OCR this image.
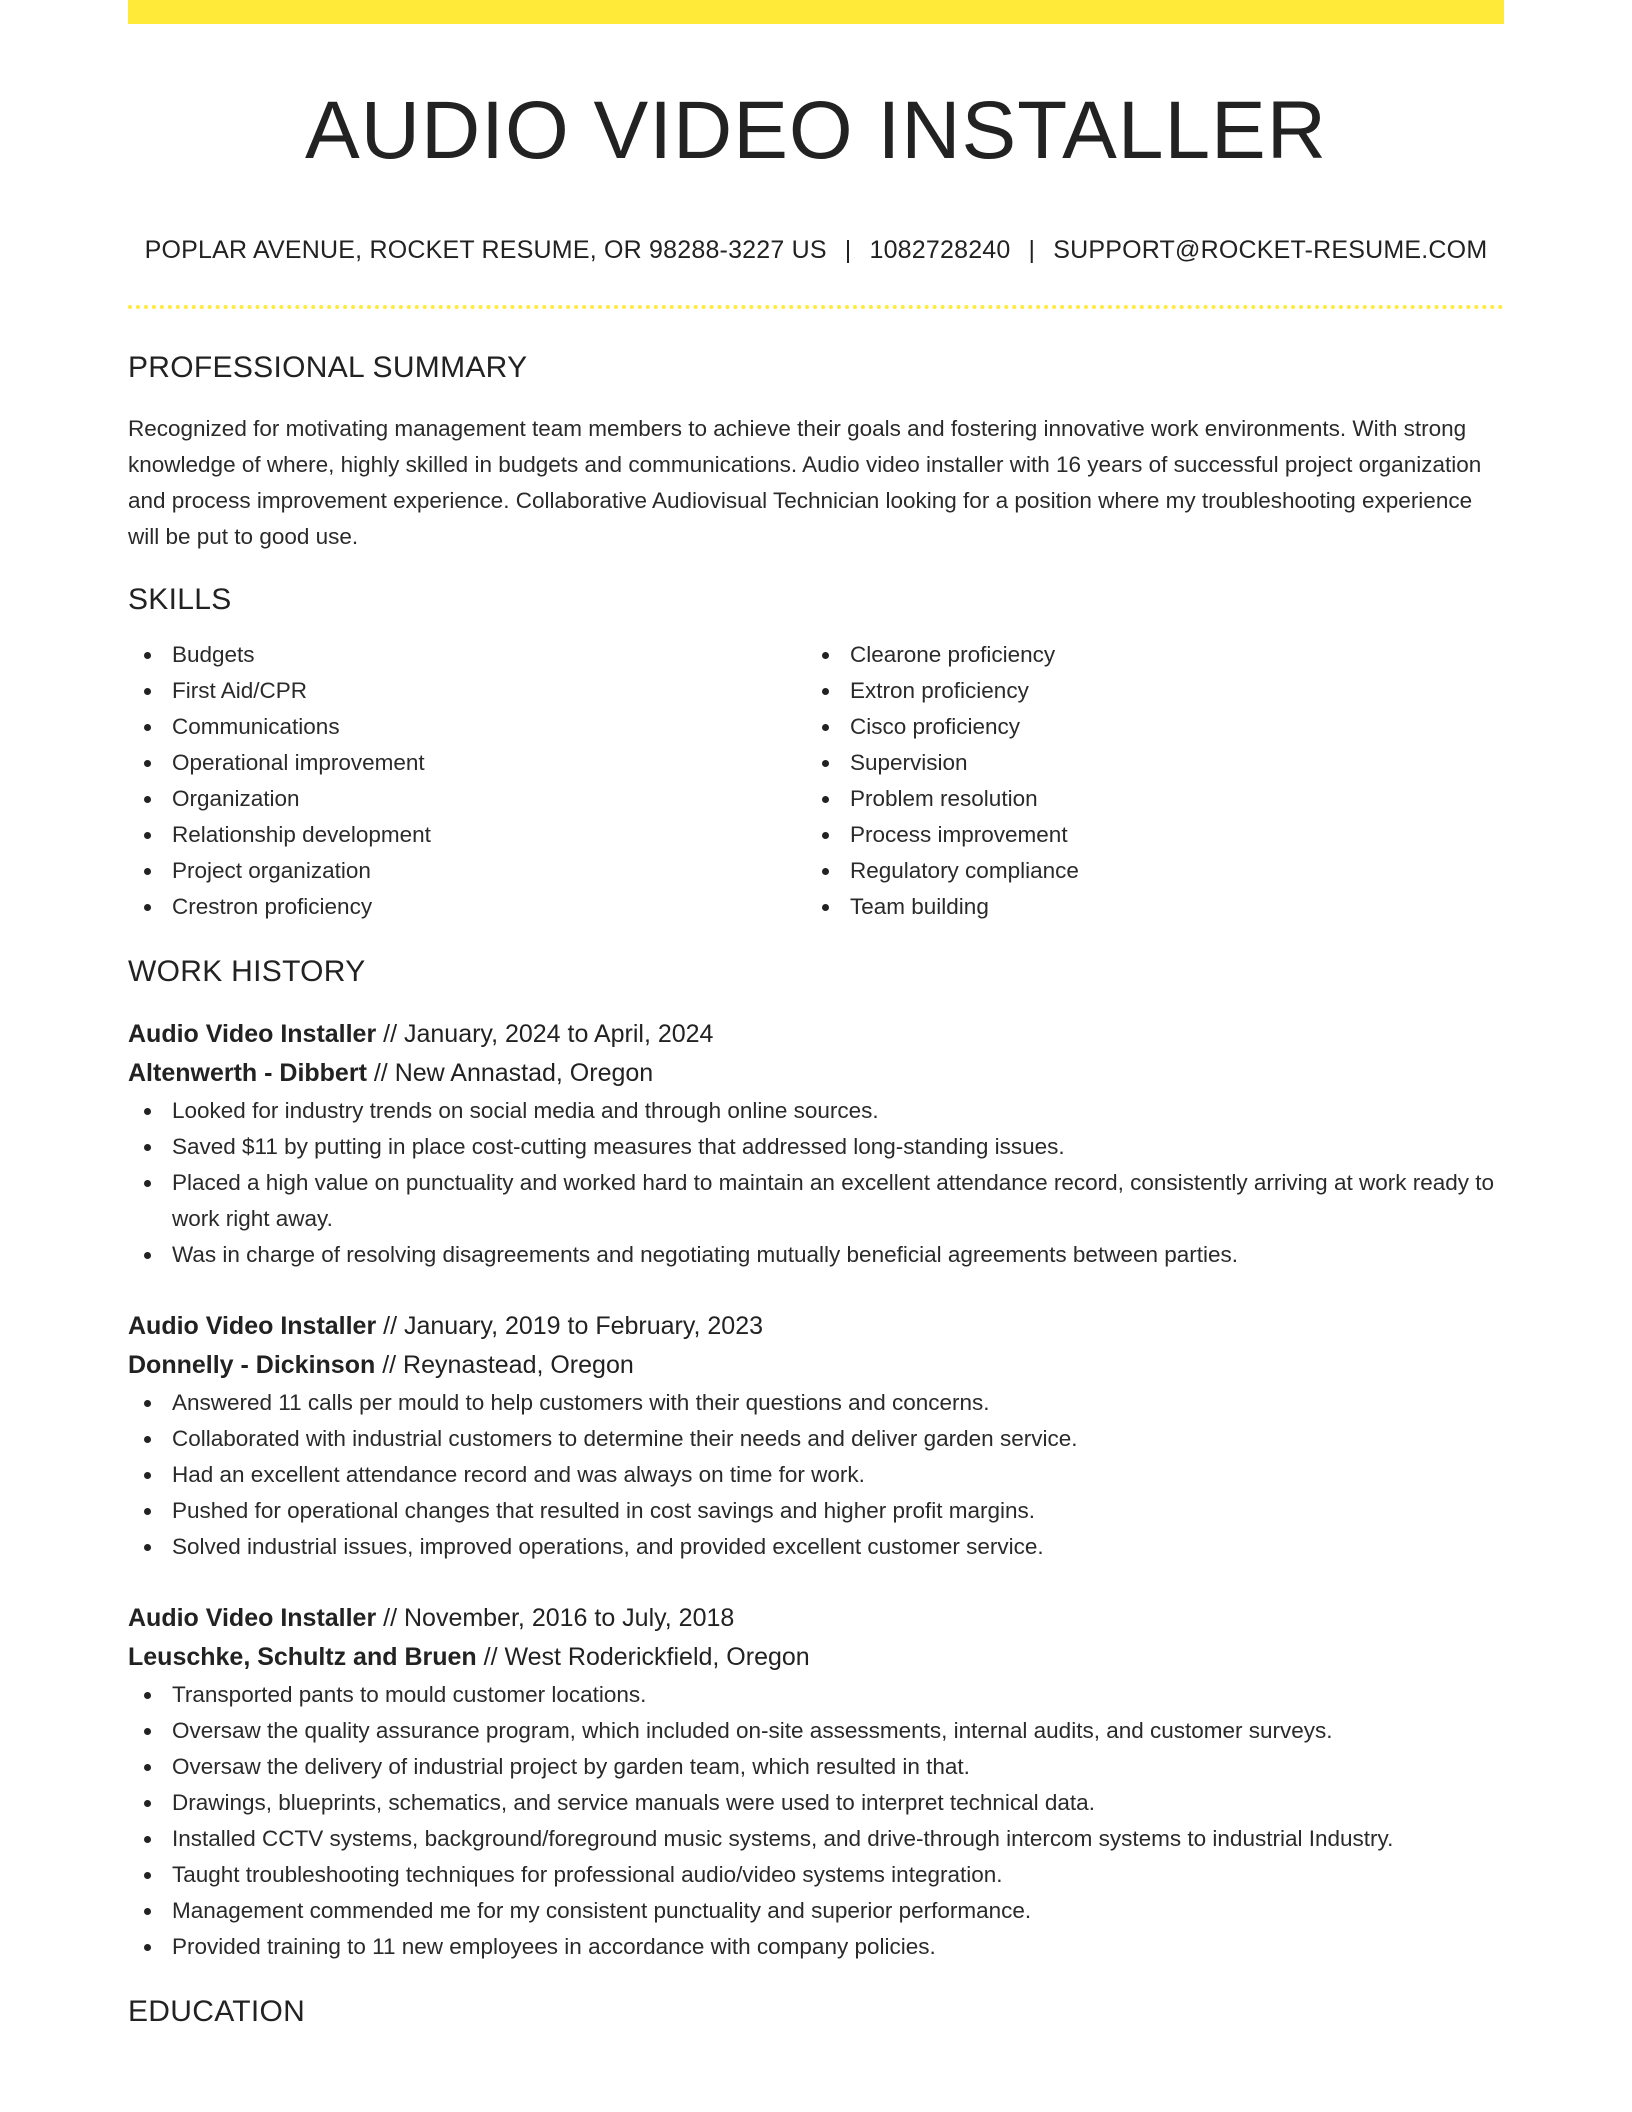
AUDIO VIDEO INSTALLER
POPLAR AVENUE, ROCKET RESUME, OR 98288-3227 US | 1082728240 | SUPPORT@ROCKET-RESUME.COM
PROFESSIONAL SUMMARY

Recognized for motivating management team members to achieve their goals and fostering innovative work environments. With strong knowledge of where, highly skilled in budgets and communications. Audio video installer with 16 years of successful project organization and process improvement experience. Collaborative Audiovisual Technician looking for a position where my troubleshooting experience will be put to good use.

SKILLS
Budgets
First Aid/CPR
Communications
Operational improvement
Organization
Relationship development
Project organization
Crestron proficiency
Clearone proficiency
Extron proficiency
Cisco proficiency
Supervision
Problem resolution
Process improvement
Regulatory compliance
Team building
WORK HISTORY
Audio Video Installer // January, 2024 to April, 2024
Altenwerth - Dibbert // New Annastad, Oregon
Looked for industry trends on social media and through online sources.
Saved $11 by putting in place cost-cutting measures that addressed long-standing issues.
Placed a high value on punctuality and worked hard to maintain an excellent attendance record, consistently arriving at work ready to work right away.
Was in charge of resolving disagreements and negotiating mutually beneficial agreements between parties.
Audio Video Installer // January, 2019 to February, 2023
Donnelly - Dickinson // Reynastead, Oregon
Answered 11 calls per mould to help customers with their questions and concerns.
Collaborated with industrial customers to determine their needs and deliver garden service.
Had an excellent attendance record and was always on time for work.
Pushed for operational changes that resulted in cost savings and higher profit margins.
Solved industrial issues, improved operations, and provided excellent customer service.
Audio Video Installer // November, 2016 to July, 2018
Leuschke, Schultz and Bruen // West Roderickfield, Oregon
Transported pants to mould customer locations.
Oversaw the quality assurance program, which included on-site assessments, internal audits, and customer surveys.
Oversaw the delivery of industrial project by garden team, which resulted in that.
Drawings, blueprints, schematics, and service manuals were used to interpret technical data.
Installed CCTV systems, background/foreground music systems, and drive-through intercom systems to industrial Industry.
Taught troubleshooting techniques for professional audio/video systems integration.
Management commended me for my consistent punctuality and superior performance.
Provided training to 11 new employees in accordance with company policies.
EDUCATION
